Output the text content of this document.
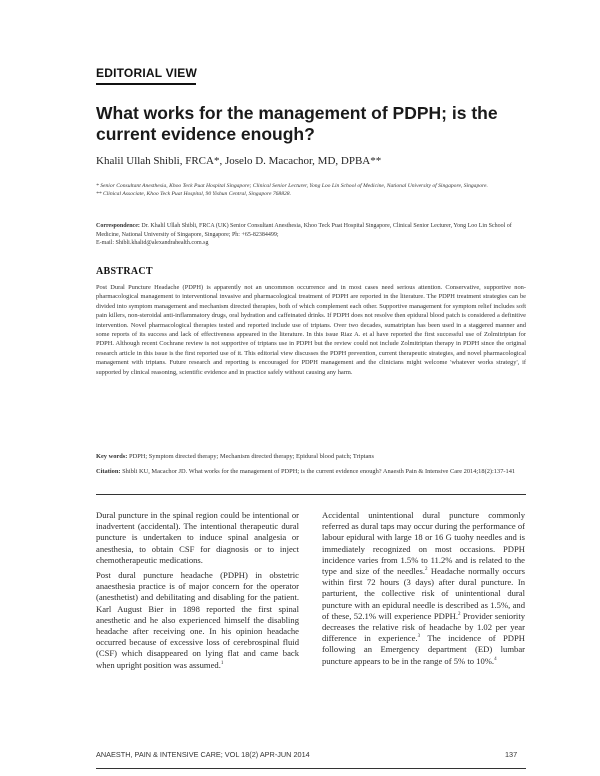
EDITORIAL VIEW
What works for the management of PDPH; is the current evidence enough?
Khalil Ullah Shibli, FRCA*, Joselo D. Macachor, MD, DPBA**

* Senior Consultant Anesthesia, Khoo Teck Puat Hospital Singapore; Clinical Senior Lecturer, Yong Loo Lin School of Medicine, National University of Singapore, Singapore.

** Clinical Associate, Khoo Teck Puat Hospital, 90 Yishun Central, Singapore 768828.

Correspondence: Dr. Khalil Ullah Shibli, FRCA (UK) Senior Consultant Anesthesia, Khoo Teck Puat Hospital Singapore, Clinical Senior Lecturer, Yong Loo Lin School of Medicine, National University of Singapore, Singapore; Ph: +65-82384499;

E-mail: Shibli.khalid@alexandrahealth.com.sg

ABSTRACT

Post Dural Puncture Headache (PDPH) is apparently not an uncommon occurrence and in most cases need serious attention. Conservative, supportive non-pharmacological management to interventional invasive and pharmacological treatment of PDPH are reported in the literature. The PDPH treatment strategies can be divided into symptom management and mechanism directed therapies, both of which complement each other. Supportive management for symptom relief includes soft pain killers, non-steroidal anti-inflammatory drugs, oral hydration and caffeinated drinks. If PDPH does not resolve then epidural blood patch is considered a definitive intervention. Novel pharmacological therapies tested and reported include use of triptans. Over two decades, sumatriptan has been used in a staggered manner and some reports of its success and lack of effectiveness appeared in the literature. In this issue Riaz A. et al have reported the first successful use of Zolmitriptan for PDPH. Although recent Cochrane review is not supportive of triptans use in PDPH but the review could not include Zolmitriptan therapy in PDPH since the original research article in this issue is the first reported use of it. This editorial view discusses the PDPH prevention, current therapeutic strategies, and novel pharmacological management with triptans. Future research and reporting is encouraged for PDPH management and the clinicians might welcome 'whatever works strategy', if supported by clinical reasoning, scientific evidence and in practice safely without causing any harm.

Key words: PDPH; Symptom directed therapy; Mechanism directed therapy; Epidural blood patch; Triptans

Citation: Shibli KU, Macachor JD. What works for the management of PDPH; is the current evidence enough? Anaesth Pain & Intensive Care 2014;18(2):137-141

Dural puncture in the spinal region could be intentional or inadvertent (accidental). The intentional therapeutic dural puncture is undertaken to induce spinal analgesia or anesthesia, to obtain CSF for diagnosis or to inject chemotherapeutic medications.

Post dural puncture headache (PDPH) in obstetric anaesthesia practice is of major concern for the operator (anesthetist) and debilitating and disabling for the patient. Karl August Bier in 1898 reported the first spinal anesthetic and he also experienced himself the disabling headache after receiving one. In his opinion headache occurred because of excessive loss of cerebrospinal fluid (CSF) which disappeared on lying flat and came back when upright position was assumed.$^1$

Accidental unintentional dural puncture commonly referred as dural taps may occur during the performance of labour epidural with large 18 or 16 G tuohy needles and is immediately recognized on most occasions. PDPH incidence varies from 1.5% to 11.2% and is related to the type and size of the needles.$^2$ Headache normally occurs within first 72 hours (3 days) after dural puncture. In parturient, the collective risk of unintentional dural puncture with an epidural needle is described as 1.5%, and of these, 52.1% will experience PDPH.$^2$ Provider seniority decreases the relative risk of headache by 1.02 per year difference in experience.$^3$ The incidence of PDPH following an Emergency department (ED) lumbar puncture appears to be in the range of 5% to 10%.$^4$

ANAESTH, PAIN & INTENSIVE CARE; VOL 18(2) APR-JUN 2014	137
